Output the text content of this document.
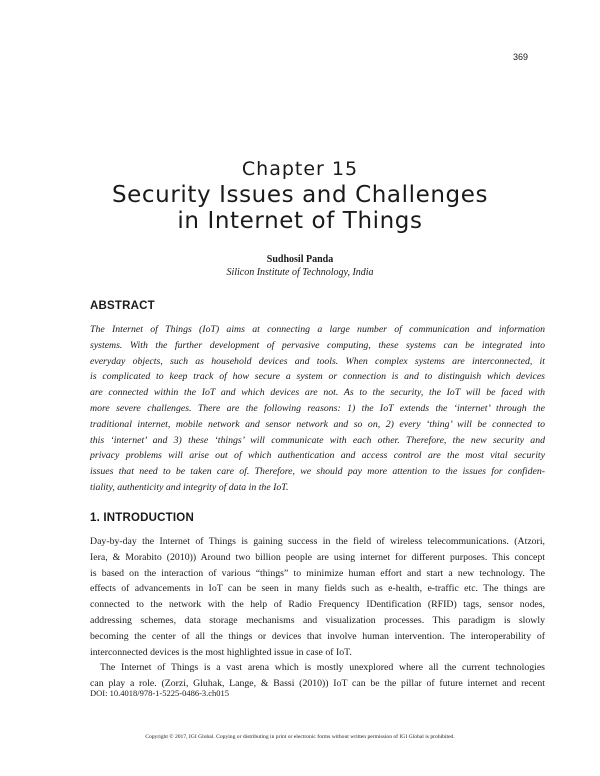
369
Chapter 15
Security Issues and Challenges
in Internet of Things
Sudhosil Panda
Silicon Institute of Technology, India
ABSTRACT
The Internet of Things (IoT) aims at connecting a large number of communication and information
systems. With the further development of pervasive computing, these systems can be integrated into
everyday objects, such as household devices and tools. When complex systems are interconnected, it
is complicated to keep track of how secure a system or connection is and to distinguish which devices
are connected within the IoT and which devices are not. As to the security, the IoT will be faced with
more severe challenges. There are the following reasons: 1) the IoT extends the ‘internet’ through the
traditional internet, mobile network and sensor network and so on, 2) every ‘thing’ will be connected to
this ‘internet’ and 3) these ‘things’ will communicate with each other. Therefore, the new security and
privacy problems will arise out of which authentication and access control are the most vital security
issues that need to be taken care of. Therefore, we should pay more attention to the issues for confiden-
tiality, authenticity and integrity of data in the IoT.
1. INTRODUCTION
Day-by-day the Internet of Things is gaining success in the field of wireless telecommunications. (Atzori,
Iera, & Morabito (2010)) Around two billion people are using internet for different purposes. This concept
is based on the interaction of various “things” to minimize human effort and start a new technology. The
effects of advancements in IoT can be seen in many fields such as e-health, e-traffic etc. The things are
connected to the network with the help of Radio Frequency IDentification (RFID) tags, sensor nodes,
addressing schemes, data storage mechanisms and visualization processes. This paradigm is slowly
becoming the center of all the things or devices that involve human intervention. The interoperability of
interconnected devices is the most highlighted issue in case of IoT.
The Internet of Things is a vast arena which is mostly unexplored where all the current technologies
can play a role. (Zorzi, Gluhak, Lange, & Bassi (2010)) IoT can be the pillar of future internet and recent
DOI: 10.4018/978-1-5225-0486-3.ch015
Copyright © 2017, IGI Global. Copying or distributing in print or electronic forms without written permission of IGI Global is prohibited.
